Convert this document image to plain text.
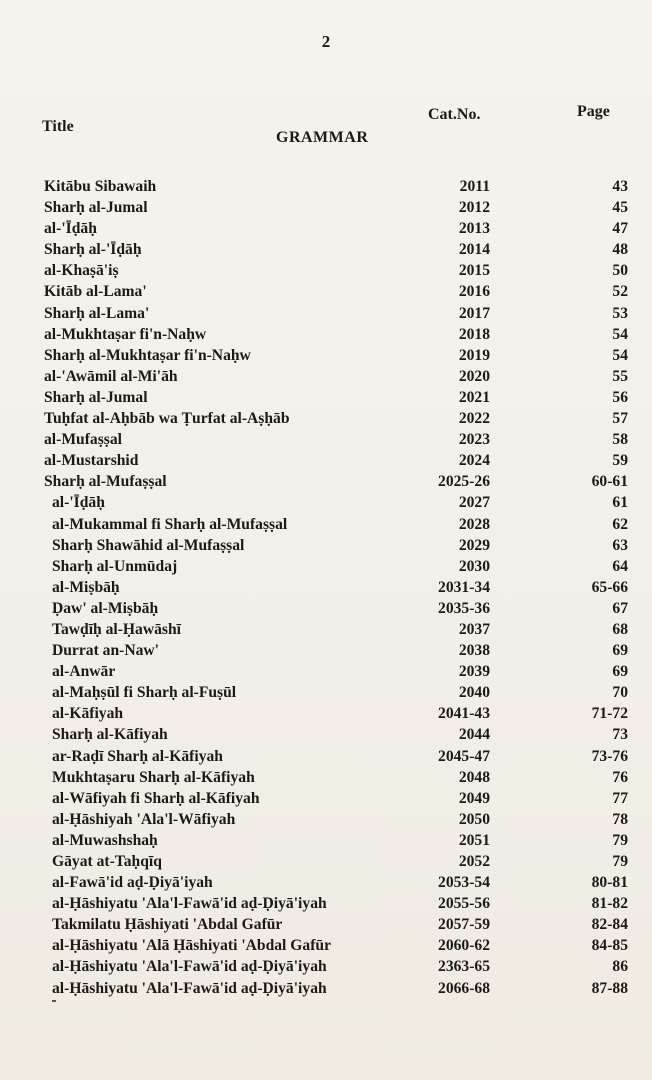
2
Title
Cat.No.	Page
GRAMMAR
Kitābu Sibawaih	2011	43
Sharḥ al-Jumal	2012	45
al-'Īḍāḥ	2013	47
Sharḥ al-'Īḍāḥ	2014	48
al-Khaṣā'iṣ	2015	50
Kitāb al-Lama'	2016	52
Sharḥ al-Lama'	2017	53
al-Mukhtaṣar fi'n-Naḥw	2018	54
Sharḥ al-Mukhtaṣar fi'n-Naḥw	2019	54
al-'Awāmil al-Mi'āh	2020	55
Sharḥ al-Jumal	2021	56
Tuḥfat al-Aḥbāb wa Ṭurfat al-Aṣḥāb	2022	57
al-Mufaṣṣal	2023	58
al-Mustarshid	2024	59
Sharḥ al-Mufaṣṣal	2025-26	60-61
al-'Īḍāḥ	2027	61
al-Mukammal fi Sharḥ al-Mufaṣṣal	2028	62
Sharḥ Shawāhid al-Mufaṣṣal	2029	63
Sharḥ al-Unmūdaj	2030	64
al-Miṣbāḥ	2031-34	65-66
Ḍaw' al-Miṣbāḥ	2035-36	67
Tawḍīḥ al-Ḥawāshī	2037	68
Durrat an-Naw'	2038	69
al-Anwār	2039	69
al-Maḥṣūl fi Sharḥ al-Fuṣūl	2040	70
al-Kāfiyah	2041-43	71-72
Sharḥ al-Kāfiyah	2044	73
ar-Raḍī Sharḥ al-Kāfiyah	2045-47	73-76
Mukhtaṣaru Sharḥ al-Kāfiyah	2048	76
al-Wāfiyah fi Sharḥ al-Kāfiyah	2049	77
al-Ḥāshiyah 'Ala'l-Wāfiyah	2050	78
al-Muwashshaḥ	2051	79
Gāyat at-Taḥqīq	2052	79
al-Fawā'id aḍ-Ḍiyā'iyah	2053-54	80-81
al-Ḥāshiyatu 'Ala'l-Fawā'id aḍ-Ḍiyā'iyah	2055-56	81-82
Takmilatu Ḥāshiyati 'Abdal Gafūr	2057-59	82-84
al-Ḥāshiyatu 'Alā Ḥāshiyati 'Abdal Gafūr	2060-62	84-85
al-Ḥāshiyatu 'Ala'l-Fawā'id aḍ-Ḍiyā'iyah	2363-65	86
al-Ḥāshiyatu 'Ala'l-Fawā'id aḍ-Ḍiyā'iyah	2066-68	87-88
